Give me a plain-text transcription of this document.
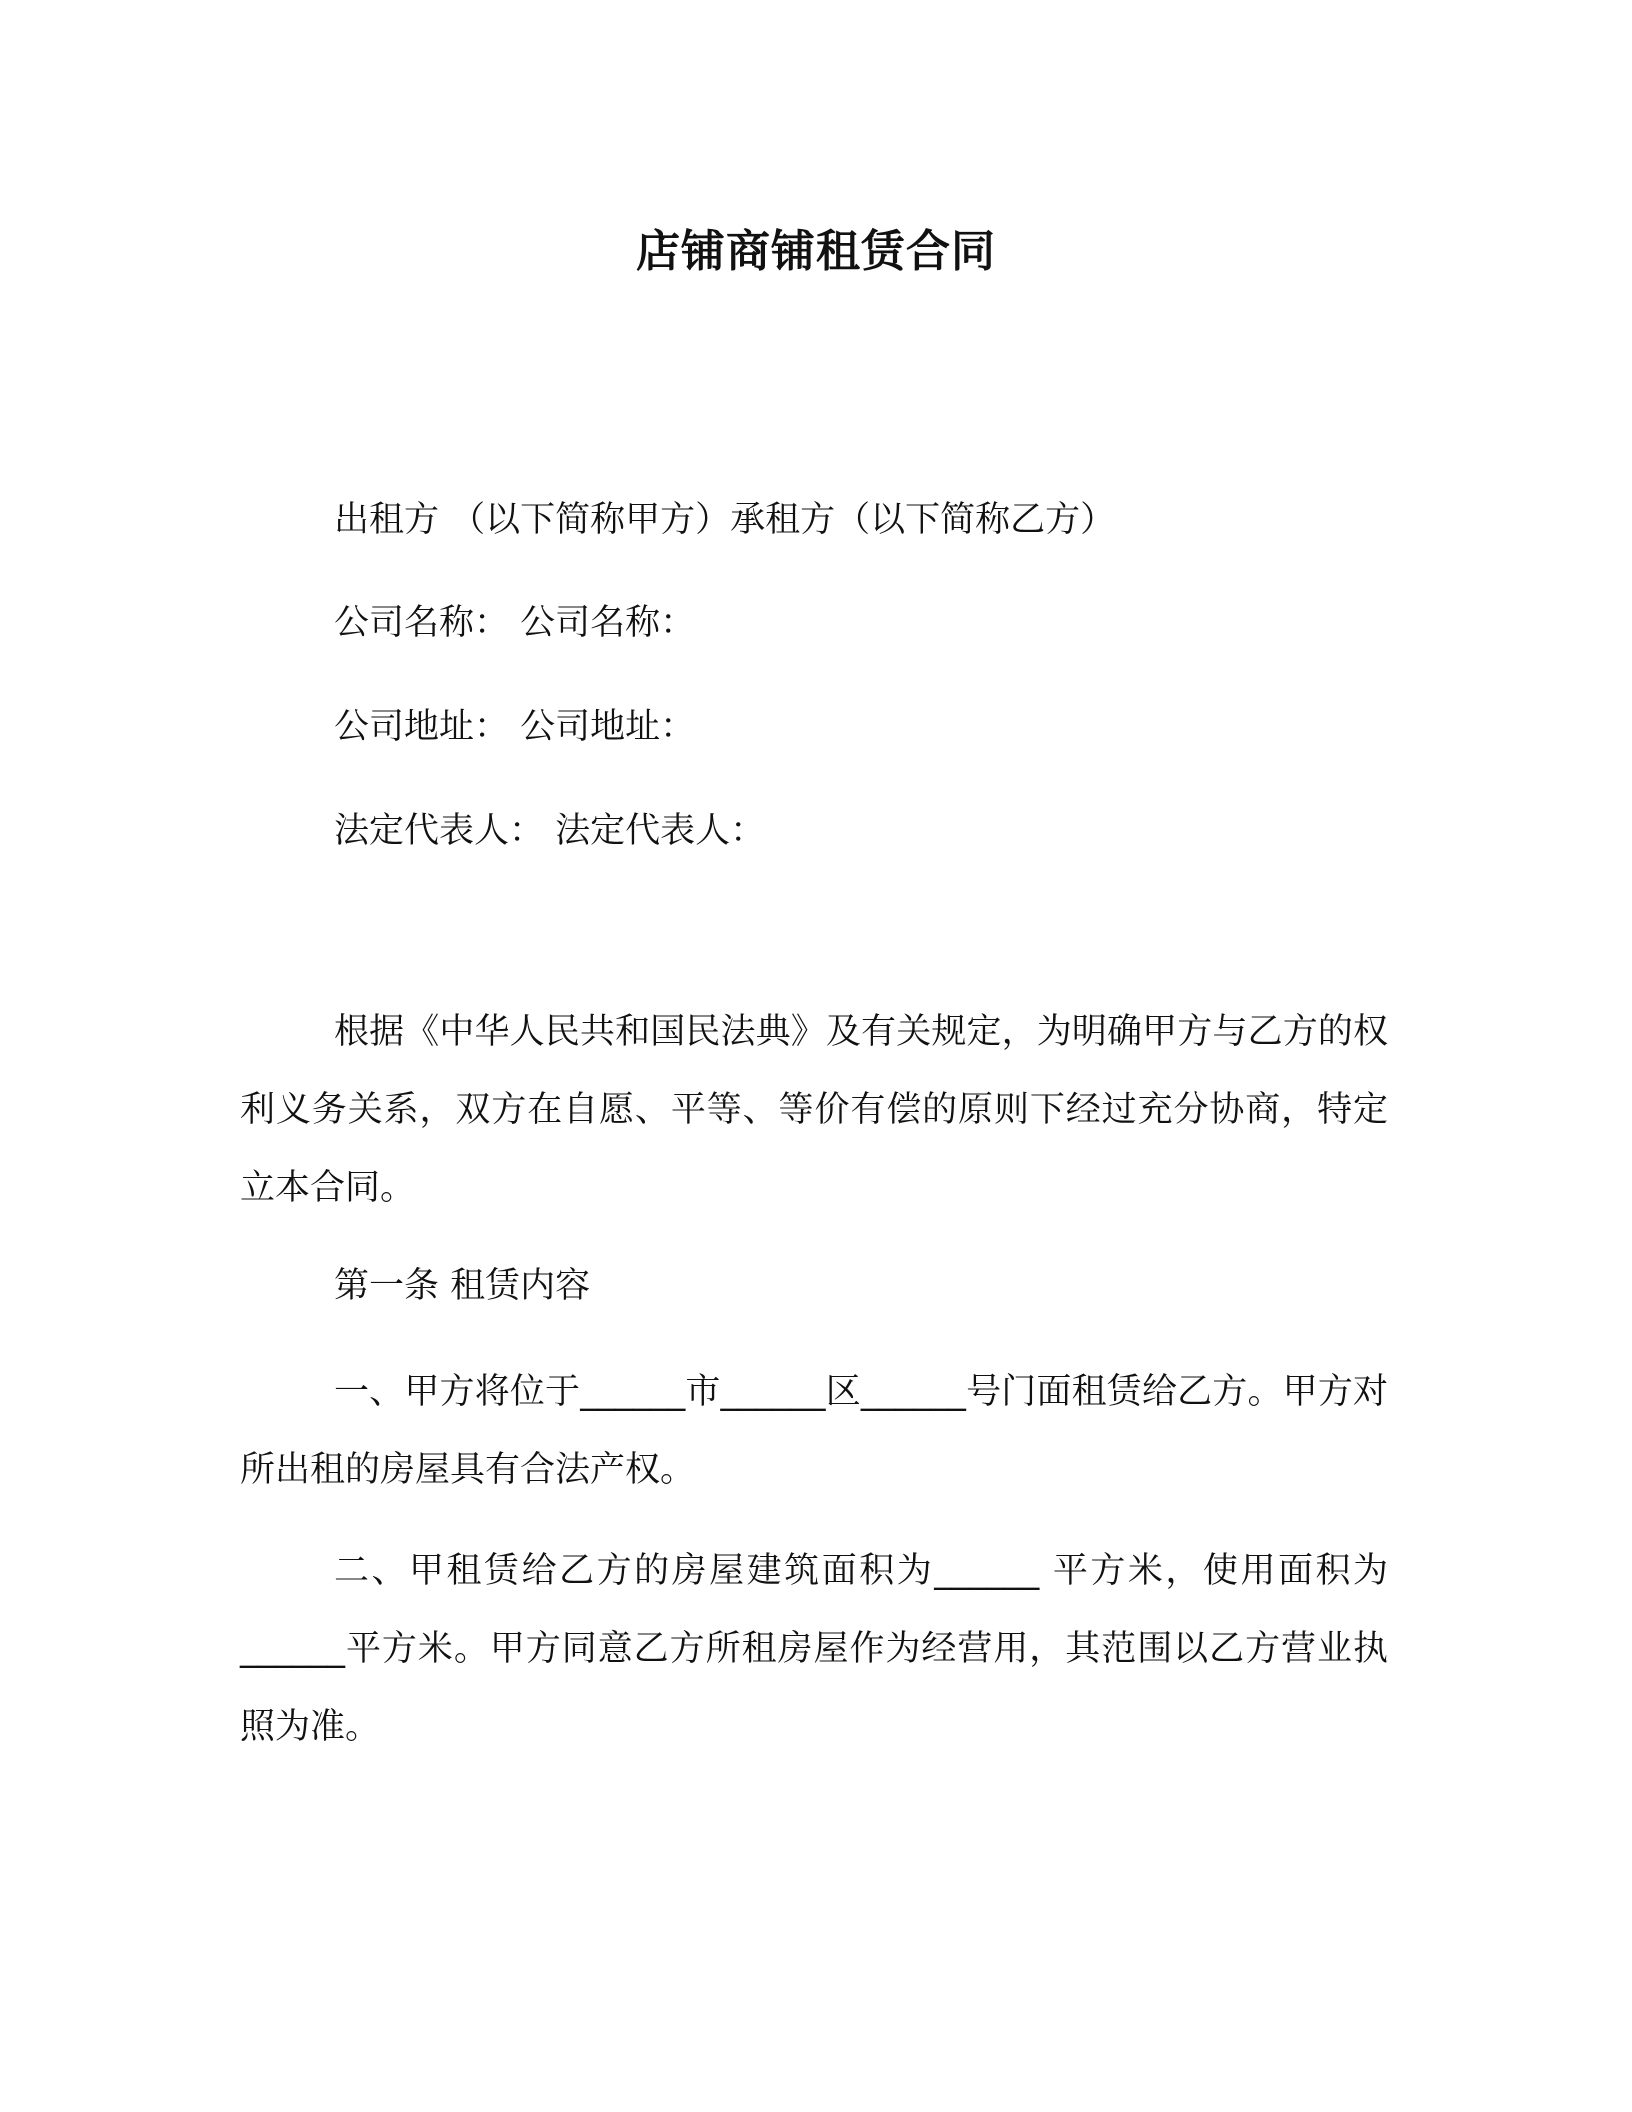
店铺商铺租赁合同
出租方 （以下简称甲方）承租方（以下简称乙方）
公司名称： 公司名称：
公司地址： 公司地址：
法定代表人： 法定代表人：
根据《中华人民共和国民法典》及有关规定，为明确甲方与乙方的权利义务关系，双方在自愿、平等、等价有偿的原则下经过充分协商，特定立本合同。
第一条 租赁内容
一、甲方将位于______市______区______号门面租赁给乙方。甲方对所出租的房屋具有合法产权。
二、甲租赁给乙方的房屋建筑面积为______ 平方米，使用面积为______平方米。甲方同意乙方所租房屋作为经营用，其范围以乙方营业执照为准。
